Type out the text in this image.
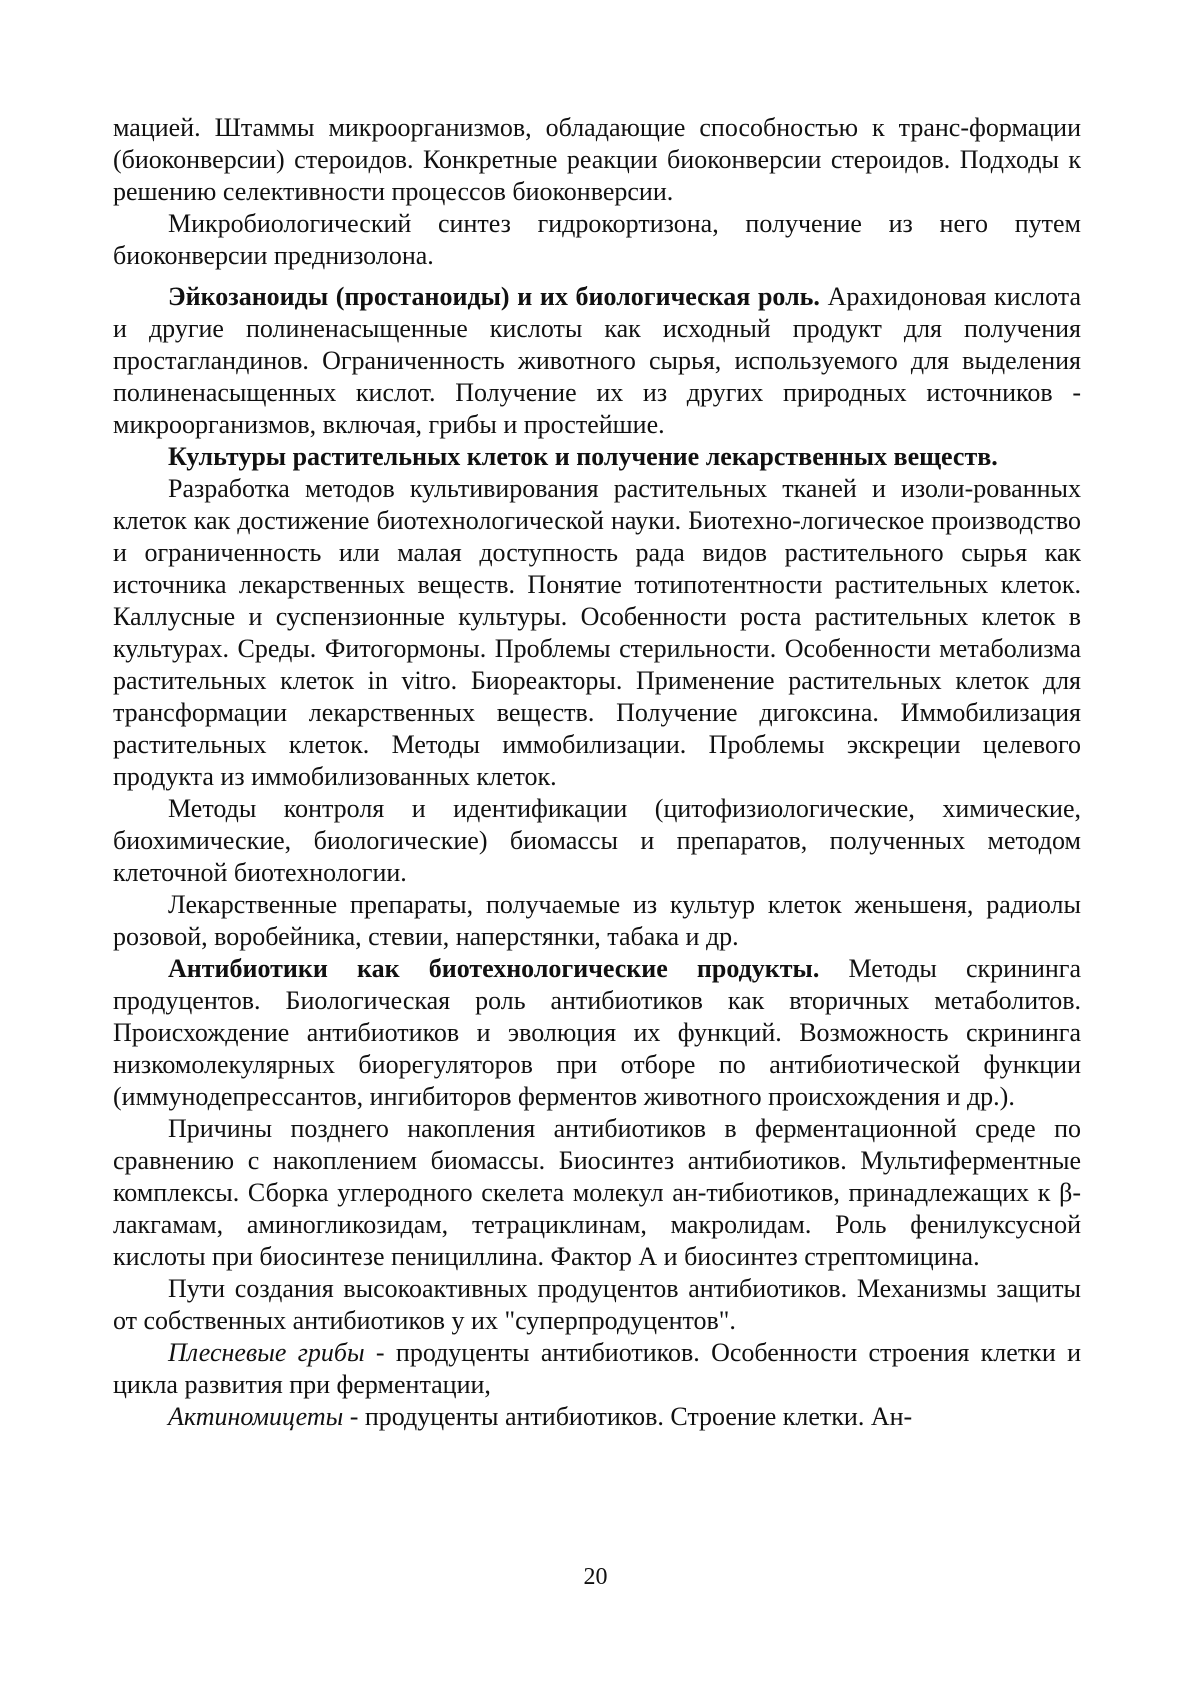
мацией. Штаммы микроорганизмов, обладающие способностью к транс-формации (биоконверсии) стероидов. Конкретные реакции биоконверсии стероидов. Подходы к решению селективности процессов биоконверсии.

Микробиологический синтез гидрокортизона, получение из него путем биоконверсии преднизолона.

Эйкозаноиды (простаноиды) и их биологическая роль. Арахидоновая кислота и другие полиненасыщенные кислоты как исходный продукт для получения простагландинов. Ограниченность животного сырья, используемого для выделения полиненасыщенных кислот. Получение их из других природных источников - микроорганизмов, включая, грибы и простейшие.

Культуры растительных клеток и получение лекарственных веществ.

Разработка методов культивирования растительных тканей и изоли-рованных клеток как достижение биотехнологической науки. Биотехно-логическое производство и ограниченность или малая доступность рада видов растительного сырья как источника лекарственных веществ. Понятие тотипотентности растительных клеток. Каллусные и суспензионные культуры. Особенности роста растительных клеток в культурах. Среды. Фитогормоны. Проблемы стерильности. Особенности метаболизма растительных клеток in vitro. Биореакторы. Применение растительных клеток для трансформации лекарственных веществ. Получение дигоксина. Иммобилизация растительных клеток. Методы иммобилизации. Проблемы экскреции целевого продукта из иммобилизованных клеток.

Методы контроля и идентификации (цитофизиологические, химические, биохимические, биологические) биомассы и препаратов, полученных методом клеточной биотехнологии.

Лекарственные препараты, получаемые из культур клеток женьшеня, радиолы розовой, воробейника, стевии, наперстянки, табака и др.

Антибиотики как биотехнологические продукты. Методы скрининга продуцентов. Биологическая роль антибиотиков как вторичных метаболитов. Происхождение антибиотиков и эволюция их функций. Возможность скрининга низкомолекулярных биорегуляторов при отборе по антибиотической функции (иммунодепрессантов, ингибиторов ферментов животного происхождения и др.).

Причины позднего накопления антибиотиков в ферментационной среде по сравнению с накоплением биомассы. Биосинтез антибиотиков. Мультиферментные комплексы. Сборка углеродного скелета молекул ан-тибиотиков, принадлежащих к β-лакгамам, аминогликозидам, тетрациклинам, макролидам. Роль фенилуксусной кислоты при биосинтезе пенициллина. Фактор А и биосинтез стрептомицина.

Пути создания высокоактивных продуцентов антибиотиков. Механизмы защиты от собственных антибиотиков у их "суперпродуцентов".

Плесневые грибы - продуценты антибиотиков. Особенности строения клетки и цикла развития при ферментации,

Актиномицеты - продуценты антибиотиков. Строение клетки. Ан-

20
